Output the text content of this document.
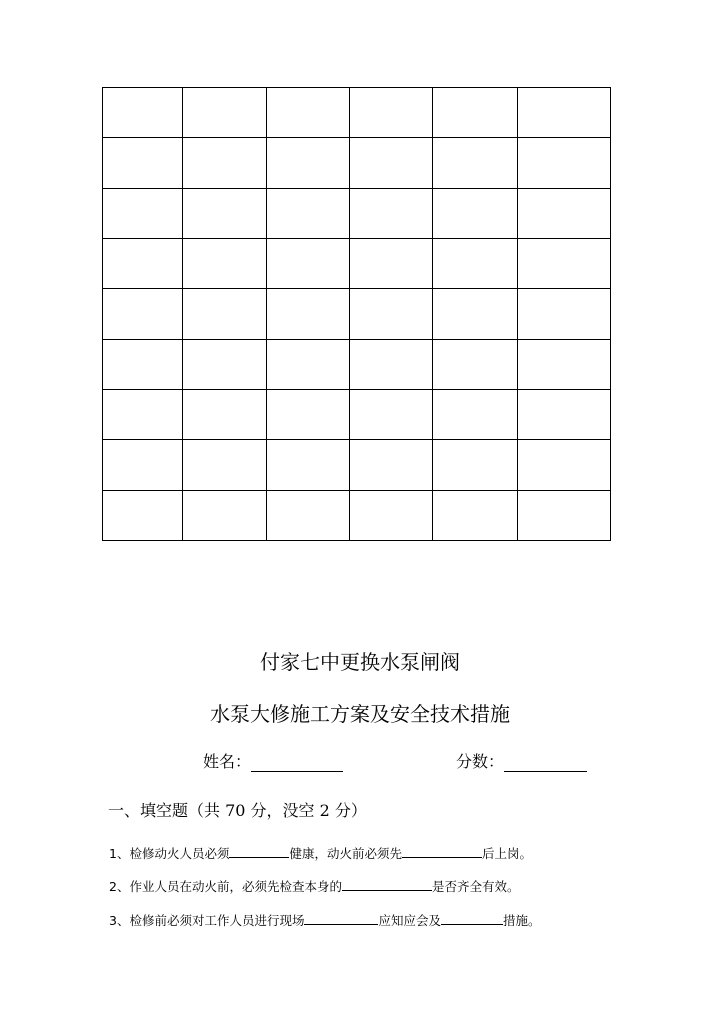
付家七中更换水泵闸阀
水泵大修施工方案及安全技术措施
姓名：	分数：
一、填空题（共 70 分，没空 2 分）
1、检修动火人员必须	健康，动火前必须先	后上岗。
2、作业人员在动火前，必须先检查本身的	是否齐全有效。
3、检修前必须对工作人员进行现场	应知应会及	措施。
